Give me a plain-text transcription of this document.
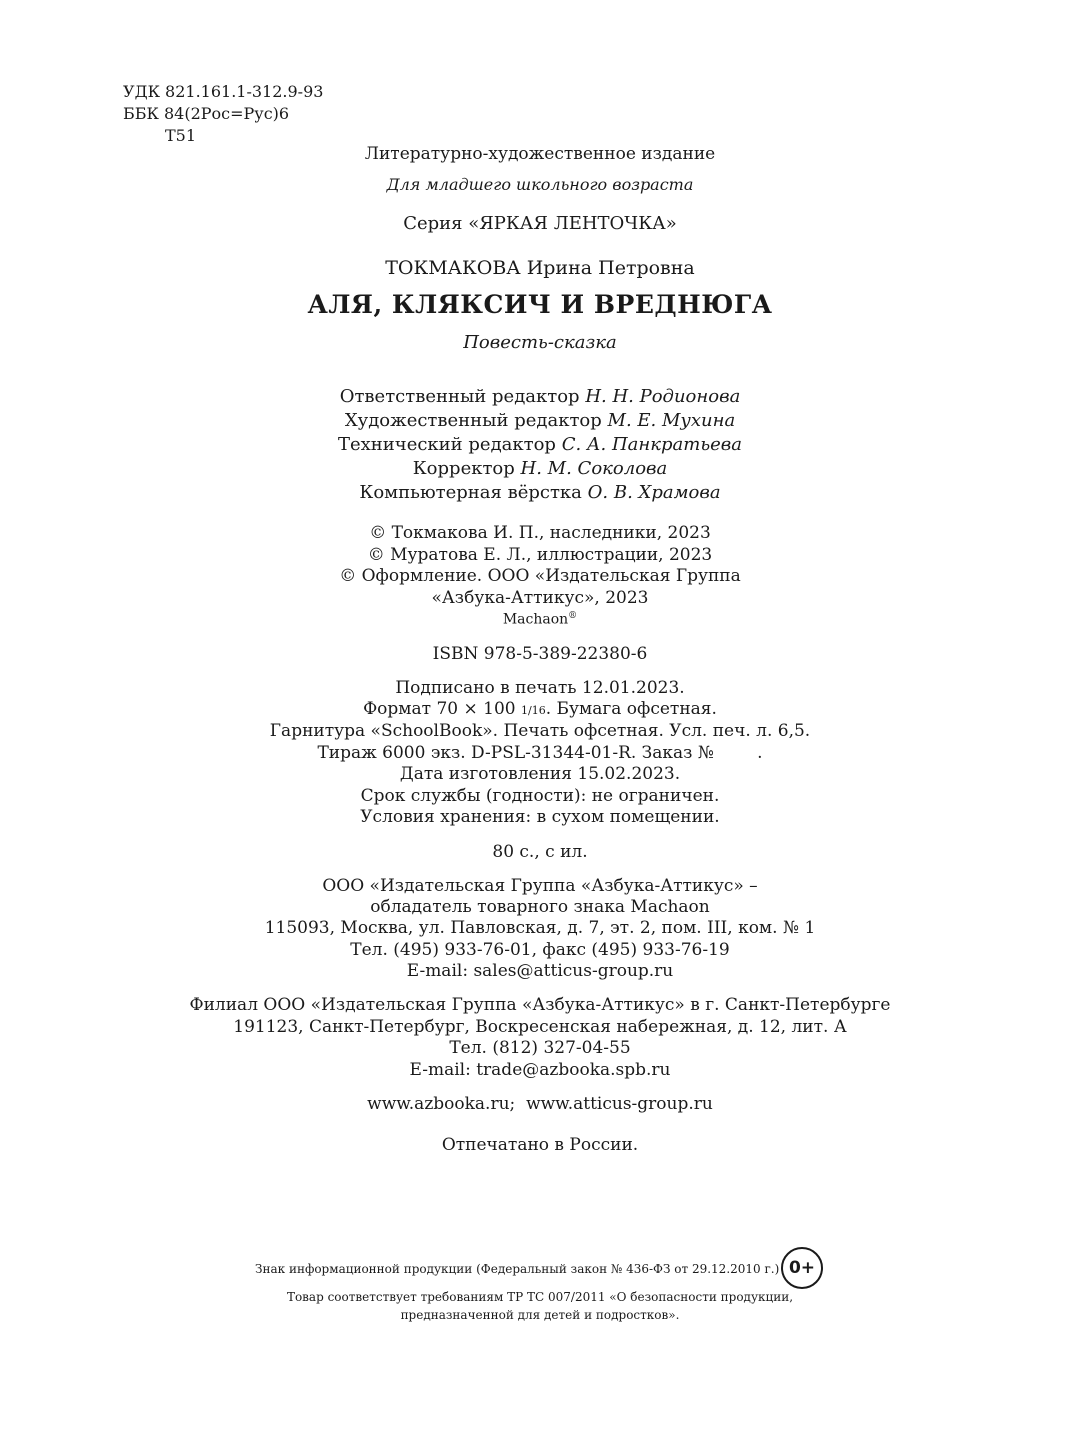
УДК 821.161.1-312.9-93
ББК 84(2Рос=Рус)6
Т51
Литературно-художественное издание
Для младшего школьного возраста
Серия «ЯРКАЯ ЛЕНТОЧКА»
ТОКМАКОВА Ирина Петровна
АЛЯ, КЛЯКСИЧ И ВРЕДНЮГА
Повесть-сказка
Ответственный редактор Н. Н. Родионова
Художественный редактор М. Е. Мухина
Технический редактор С. А. Панкратьева
Корректор Н. М. Соколова
Компьютерная вёрстка О. В. Храмова
© Токмакова И. П., наследники, 2023
© Муратова Е. Л., иллюстрации, 2023
© Оформление. ООО «Издательская Группа
«Азбука-Аттикус», 2023
Machaon®
ISBN 978-5-389-22380-6
Подписано в печать 12.01.2023.
Формат 70 × 100 1/16. Бумага офсетная.
Гарнитура «SchoolBook». Печать офсетная. Усл. печ. л. 6,5.
Тираж 6000 экз. D-PSL-31344-01-R. Заказ №        .
Дата изготовления 15.02.2023.
Срок службы (годности): не ограничен.
Условия хранения: в сухом помещении.
80 с., с ил.
ООО «Издательская Группа «Азбука-Аттикус» –
обладатель товарного знака Machaon
115093, Москва, ул. Павловская, д. 7, эт. 2, пом. III, ком. № 1
Тел. (495) 933-76-01, факс (495) 933-76-19
E-mail: sales@atticus-group.ru
Филиал ООО «Издательская Группа «Азбука-Аттикус» в г. Санкт-Петербурге
191123, Санкт-Петербург, Воскресенская набережная, д. 12, лит. А
Тел. (812) 327-04-55
E-mail: trade@azbooka.spb.ru
www.azbooka.ru;  www.atticus-group.ru
Отпечатано в России.
Знак информационной продукции (Федеральный закон № 436-ФЗ от 29.12.2010 г.) 0+
Товар соответствует требованиям ТР ТС 007/2011 «О безопасности продукции,
предназначенной для детей и подростков».
